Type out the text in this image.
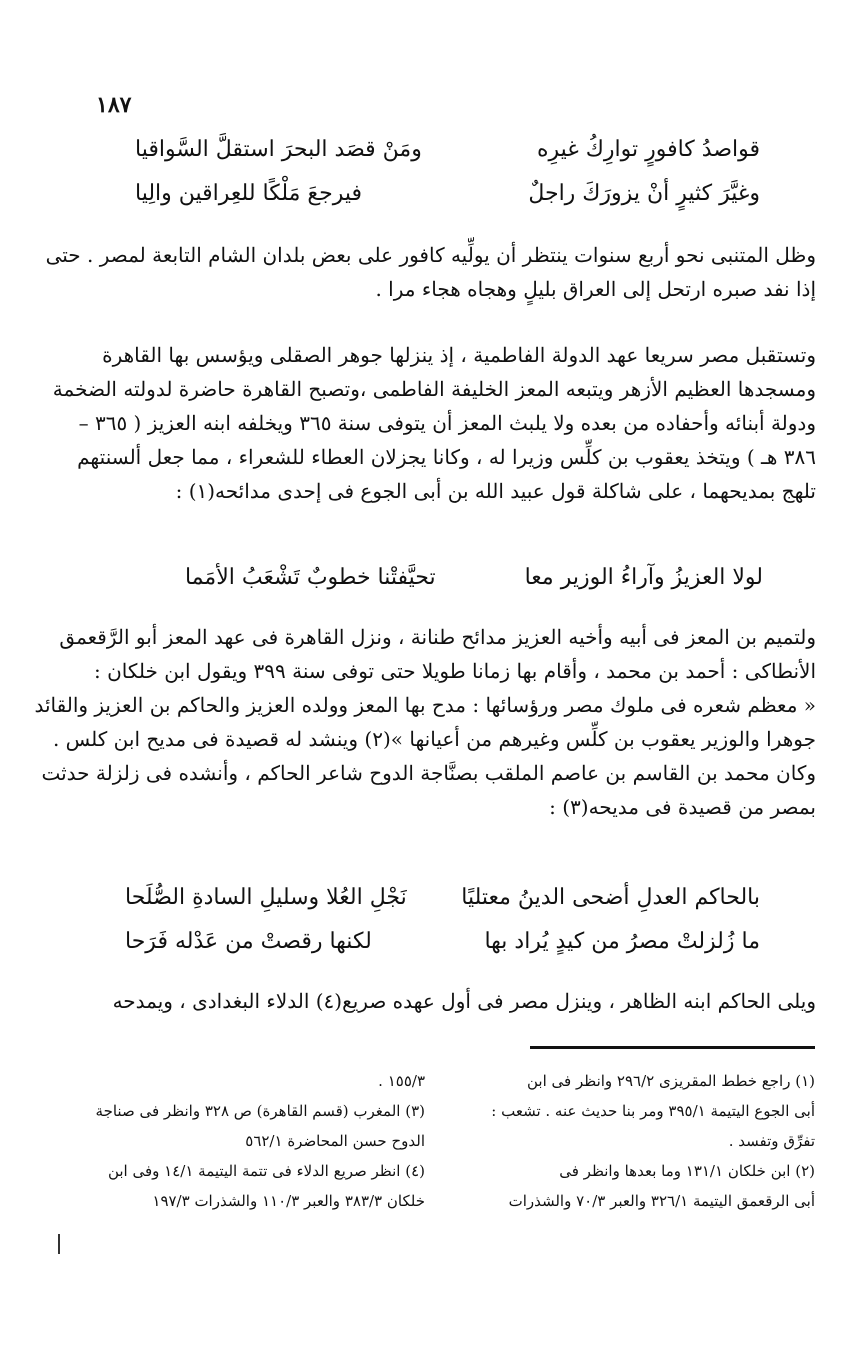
١٨٧
قواصدُ كافورٍ توارِكُ غيرِه
ومَنْ قصَد البحرَ استقلَّ السَّواقيا
وغيَّرَ كثيرٍ أنْ يزورَكَ راجلٌ
فيرجعَ مَلْكًا للعِراقين والِيا
وظل المتنبى نحو أربع سنوات ينتظر أن يولِّيه كافور على بعض بلدان الشام التابعة لمصر . حتى
إذا نفد صبره ارتحل إلى العراق بليلٍ وهجاه هجاء مرا .
وتستقبل مصر سريعا عهد الدولة الفاطمية ، إذ ينزلها جوهر الصقلى ويؤسس بها القاهرة
ومسجدها العظيم الأزهر ويتبعه المعز الخليفة الفاطمى ،وتصبح القاهرة حاضرة لدولته الضخمة
ودولة أبنائه وأحفاده من بعده ولا يلبث المعز أن يتوفى سنة ٣٦٥ ويخلفه ابنه العزيز ( ٣٦٥ –
٣٨٦ هـ ) ويتخذ يعقوب بن كلِّس وزيرا له ، وكانا يجزلان العطاء للشعراء ، مما جعل ألسنتهم
تلهج بمديحهما ، على شاكلة قول عبيد الله بن أبى الجوع فى إحدى مدائحه(١) :
لولا العزيزُ وآراءُ الوزير معا
تحيَّفتْنا خطوبٌ تَشْعَبُ الأمَما
ولتميم بن المعز فى أبيه وأخيه العزيز مدائح طنانة ، ونزل القاهرة فى عهد المعز أبو الرَّقعمق
الأنطاكى : أحمد بن محمد ، وأقام بها زمانا طويلا حتى توفى سنة ٣٩٩ ويقول ابن خلكان :
« معظم شعره فى ملوك مصر ورؤسائها : مدح بها المعز وولده العزيز والحاكم بن العزيز والقائد
جوهرا والوزير يعقوب بن كلِّس وغيرهم من أعيانها »(٢) وينشد له قصيدة فى مديح ابن كلس .
وكان محمد بن القاسم بن عاصم الملقب بصنَّاجة الدوح شاعر الحاكم ، وأنشده فى زلزلة حدثت
بمصر من قصيدة فى مديحه(٣) :
بالحاكم العدلِ أضحى الدينُ معتليًا
نَجْلِ العُلا وسليلِ السادةِ الصُّلَحا
ما زُلزلتْ مصرُ من كيدٍ يُراد بها
لكنها رقصتْ من عَدْله فَرَحا
ويلى الحاكم ابنه الظاهر ، وينزل مصر فى أول عهده صريع(٤) الدلاء البغدادى ، ويمدحه
(١) راجع خطط المقريزى ٢٩٦/٢ وانظر فى ابن
أبى الجوع اليتيمة ٣٩٥/١ ومر بنا حديث عنه . تشعب :
تفرِّق وتفسد .
(٢) ابن خلكان ١٣١/١ وما بعدها وانظر فى
أبى الرقعمق اليتيمة ٣٢٦/١ والعبر ٧٠/٣ والشذرات
١٥٥/٣ .
(٣) المغرب (قسم القاهرة) ص ٣٢٨ وانظر فى صناجة
الدوح حسن المحاضرة ٥٦٢/١
(٤) انظر صريع الدلاء فى تتمة اليتيمة ١٤/١ وفى ابن
خلكان ٣٨٣/٣ والعبر ١١٠/٣ والشذرات ١٩٧/٣
